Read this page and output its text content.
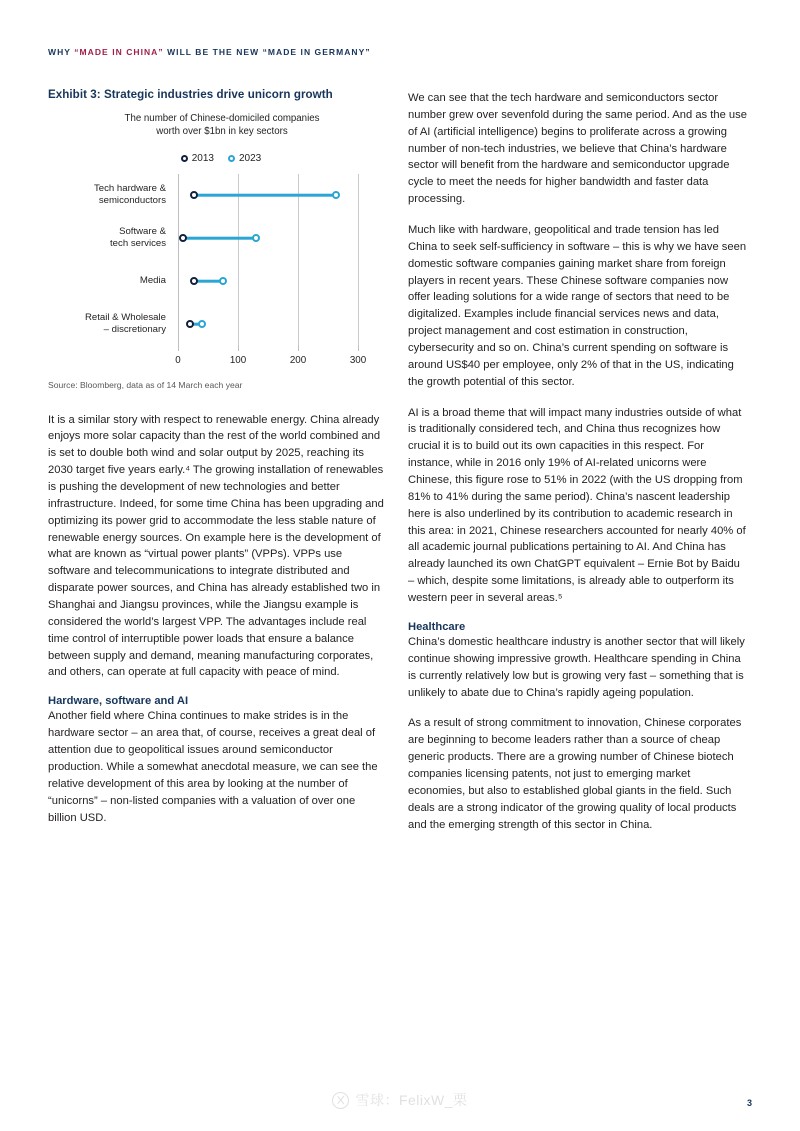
WHY “MADE IN CHINA” WILL BE THE NEW “MADE IN GERMANY”
Exhibit 3: Strategic industries drive unicorn growth
The number of Chinese-domiciled companies
worth over $1bn in key sectors
2013	2023
Tech hardware &
semiconductors
Software &
tech services
Media
Retail & Wholesale
– discretionary
0	100	200	300
Source: Bloomberg, data as of 14 March each year

It is a similar story with respect to renewable energy. China already enjoys more solar capacity than the rest of the world combined and is set to double both wind and solar output by 2025, reaching its 2030 target five years early.⁴ The growing installation of renewables is pushing the development of new technologies and better infrastructure. Indeed, for some time China has been upgrading and optimizing its power grid to accommodate the less stable nature of renewable energy sources. On example here is the development of what are known as “virtual power plants” (VPPs). VPPs use software and telecommunications to integrate distributed and disparate power sources, and China has already established two in Shanghai and Jiangsu provinces, while the Jiangsu example is considered the world’s largest VPP. The advantages include real time control of interruptible power loads that ensure a balance between supply and demand, meaning manufacturing corporates, and others, can operate at full capacity with peace of mind.

Hardware, software and AI

Another field where China continues to make strides is in the hardware sector – an area that, of course, receives a great deal of attention due to geopolitical issues around semiconductor production. While a somewhat anecdotal measure, we can see the relative development of this area by looking at the number of “unicorns” – non-listed companies with a valuation of over one billion USD.

We can see that the tech hardware and semiconductors sector number grew over sevenfold during the same period. And as the use of AI (artificial intelligence) begins to proliferate across a growing number of non-tech industries, we believe that China’s hardware sector will benefit from the hardware and semiconductor upgrade cycle to meet the needs for higher bandwidth and faster data processing.

Much like with hardware, geopolitical and trade tension has led China to seek self-sufficiency in software – this is why we have seen domestic software companies gaining market share from foreign players in recent years. These Chinese software companies now offer leading solutions for a wide range of sectors that need to be digitalized. Examples include financial services news and data, project management and cost estimation in construction, cybersecurity and so on. China’s current spending on software is around US$40 per employee, only 2% of that in the US, indicating the growth potential of this sector.

AI is a broad theme that will impact many industries outside of what is traditionally considered tech, and China thus recognizes how crucial it is to build out its own capacities in this respect. For instance, while in 2016 only 19% of AI-related unicorns were Chinese, this figure rose to 51% in 2022 (with the US dropping from 81% to 41% during the same period). China’s nascent leadership here is also underlined by its contribution to academic research in this area: in 2021, Chinese researchers accounted for nearly 40% of all academic journal publications pertaining to AI. And China has already launched its own ChatGPT equivalent – Ernie Bot by Baidu – which, despite some limitations, is already able to outperform its western peer in several areas.⁵

Healthcare

China’s domestic healthcare industry is another sector that will likely continue showing impressive growth. Healthcare spending in China is currently relatively low but is growing very fast – something that is unlikely to abate due to China’s rapidly ageing population.

As a result of strong commitment to innovation, Chinese corporates are beginning to become leaders rather than a source of cheap generic products. There are a growing number of Chinese biotech companies licensing patents, not just to emerging market economies, but also to established global giants in the field. Such deals are a strong indicator of the growing quality of local products and the emerging strength of this sector in China.

3
雪球：FelixW_栗
